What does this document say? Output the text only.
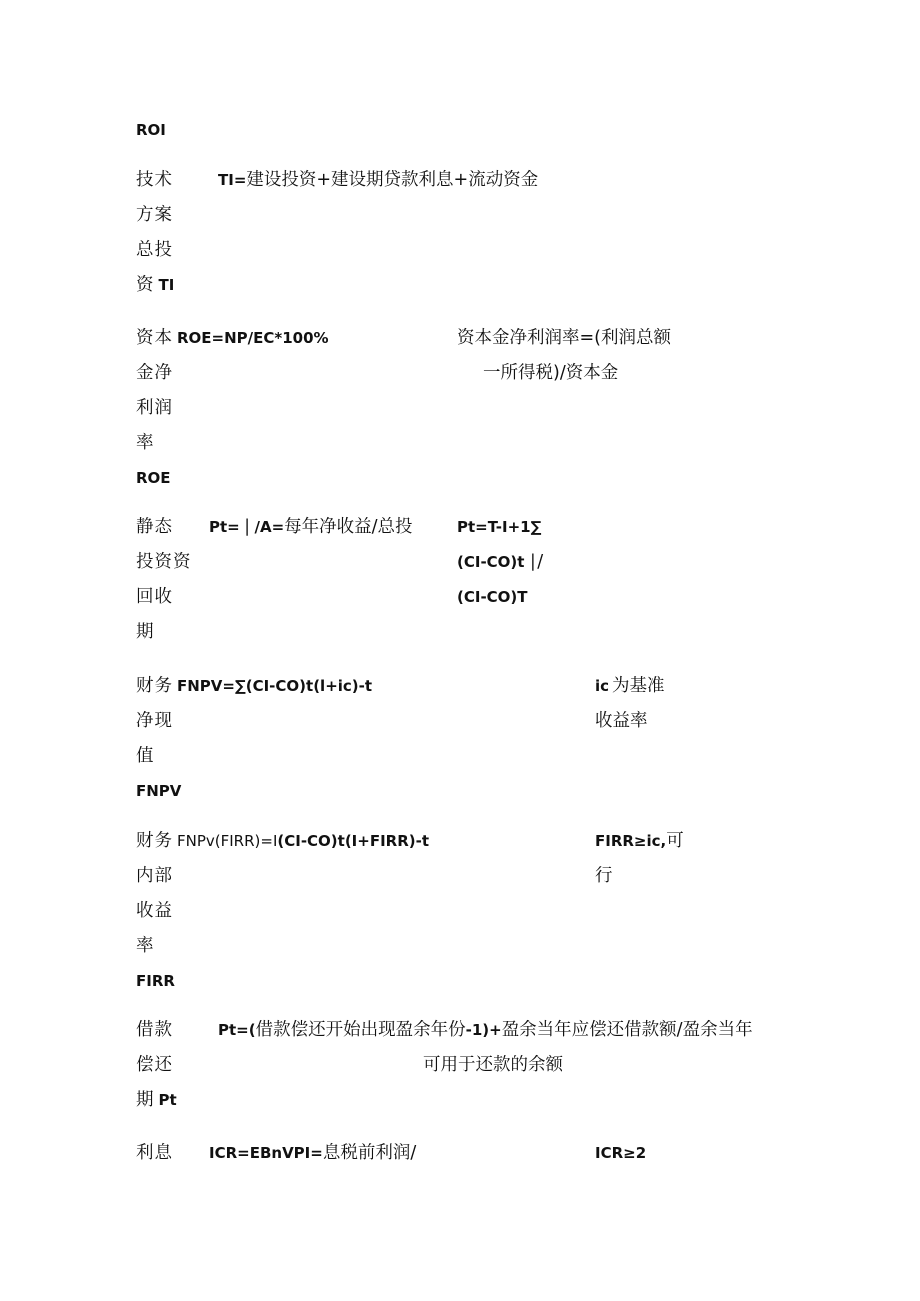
ROI
技术
方案
总投
资 TI
TI=建设投资+建设期贷款利息+流动资金
资本 ROE=NP/EC*100%
金净
利润
率
ROE
资本金净利润率=(利润总额
一所得税)/资本金
静态
投资资
回收
期
Pt= ∣ /A=每年净收益/总投	Pt=T-I+1∑
(CI-CO)t ∣/
(CI-CO)T
财务 FNPV=∑(CI-CO)t(l+ic)-t
净现
值
FNPV
ic 为基准
收益率
财务 FNPv(FIRR)=I(CI-CO)t(I+FIRR)-t
内部
收益
率
FIRR
FIRR≥ic,可
行
借款
偿还
期 Pt
Pt=(借款偿还开始出现盈余年份-1)+盈余当年应偿还借款额/盈余当年
可用于还款的余额
利息 ICR=EBnVPI=息税前利润/	ICR≥2
